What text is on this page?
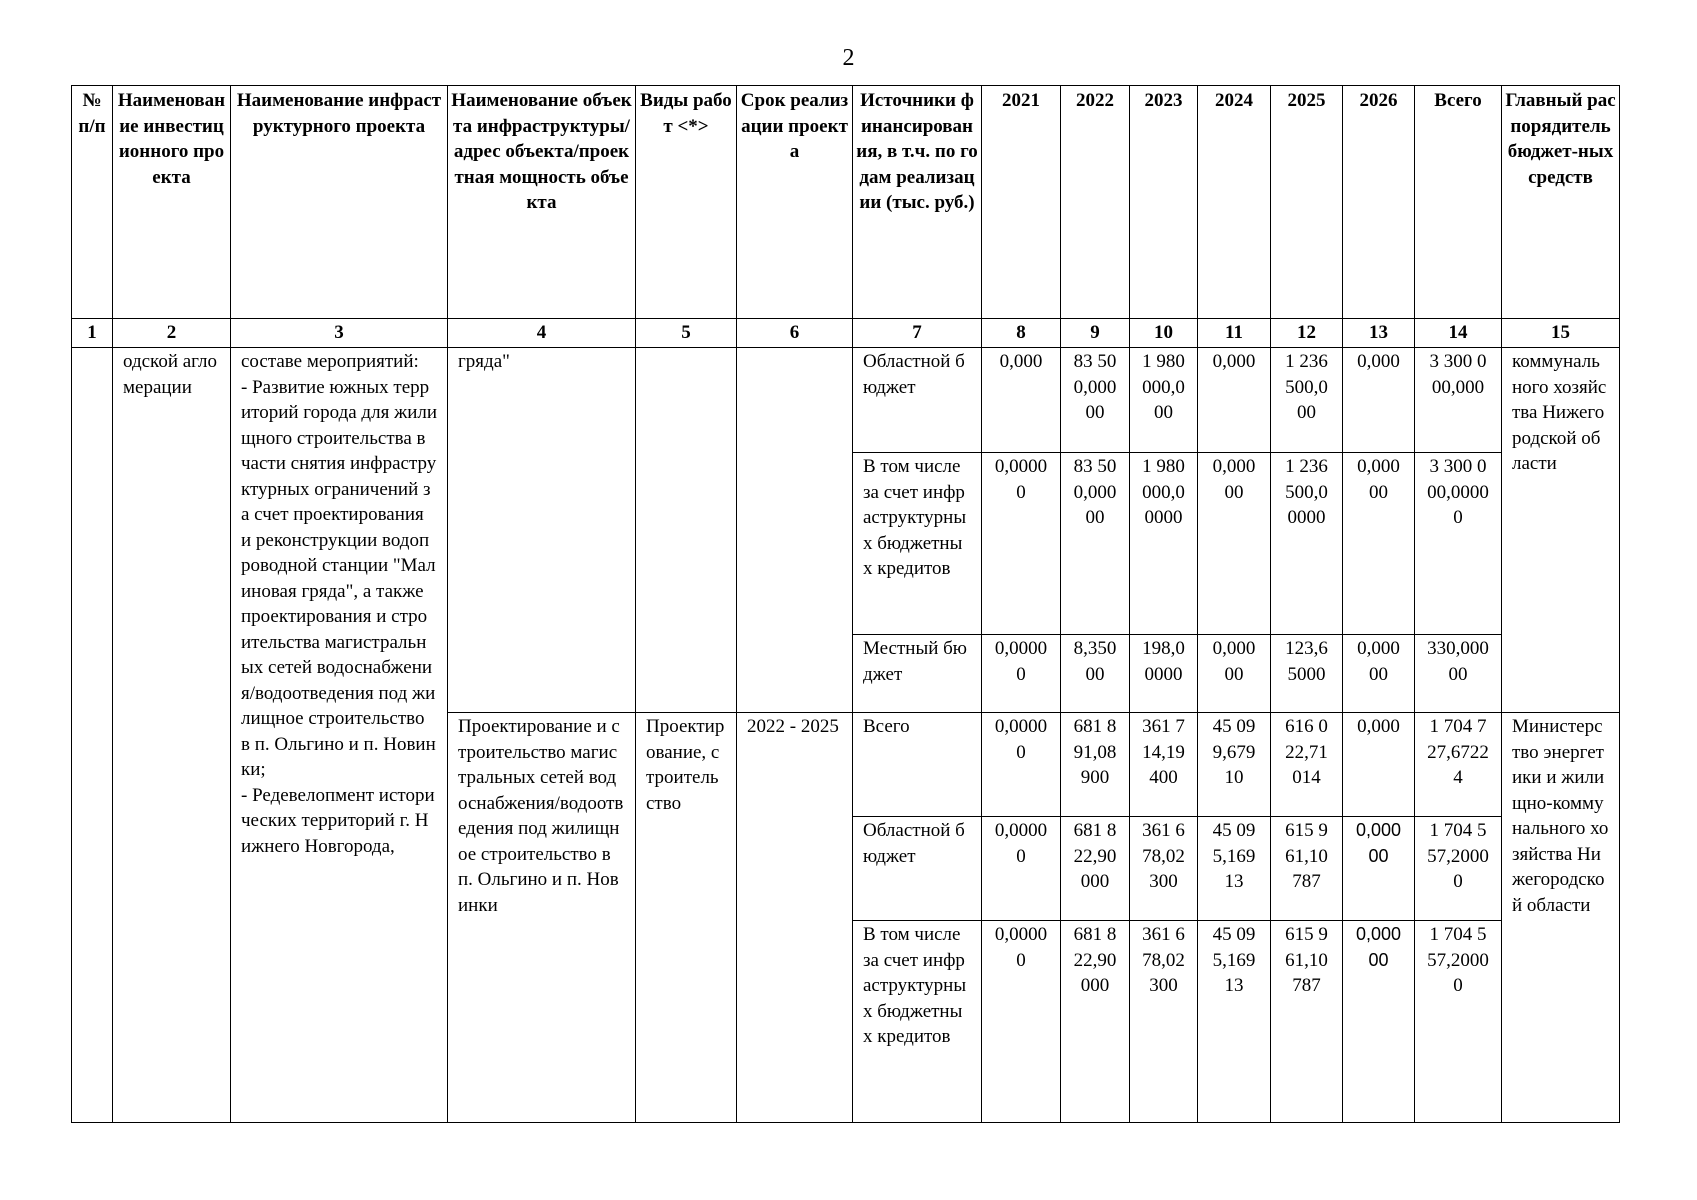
2
№ п/п	Наименование инвестиционного проекта	Наименование инфраструктурного проекта	Наименование объекта инфраструктуры/адрес объекта/проектная мощность объекта	Виды работ <*>	Срок реализации проекта	Источники финансирования, в т.ч. по годам реализации (тыс. руб.)	2021	2022	2023	2024	2025	2026	Всего	Главный распорядитель бюджет-ных средств
1	2	3	4	5	6	7	8	9	10	11	12	13	14	15
	одской агломерации	составе мероприятий:
- Развитие южных территорий города для жилищного строительства в части снятия инфраструктурных ограничений за счет проектирования и реконструкции водопроводной станции "Малиновая гряда", а также проектирования и строительства магистральных сетей водоснабжения/водоотведения под жилищное строительство в п. Ольгино и п. Новинки;
- Редевелопмент исторических территорий г. Нижнего Новгорода,	гряда"			Областной бюджет	0,000	83 500,00000	1 980 000,000	0,000	1 236 500,000	0,000	3 300 000,000	коммунального хозяйства Нижегородской области
						В том числе за счет инфраструктурных бюджетных кредитов	0,00000	83 500,00000	1 980 000,00000	0,00000	1 236 500,00000	0,00000	3 300 000,00000	
						Местный бюджет	0,00000	8,35000	198,00000	0,00000	123,65000	0,00000	330,00000	
			Проектирование и строительство магистральных сетей водоснабжения/водоотведения под жилищное строительство в п. Ольгино и п. Новинки	Проектирование, строительство	2022 - 2025	Всего	0,00000	681 891,08900	361 714,19400	45 099,67910	616 022,71014	0,000	1 704 727,67224	Министерство энергетики и жилищно-коммунального хозяйства Нижегородской области
						Областной бюджет	0,00000	681 822,90000	361 678,02300	45 095,16913	615 961,10787	0,00000	1 704 557,20000	
						В том числе за счет инфраструктурных бюджетных кредитов	0,00000	681 822,90000	361 678,02300	45 095,16913	615 961,10787	0,00000	1 704 557,20000	
